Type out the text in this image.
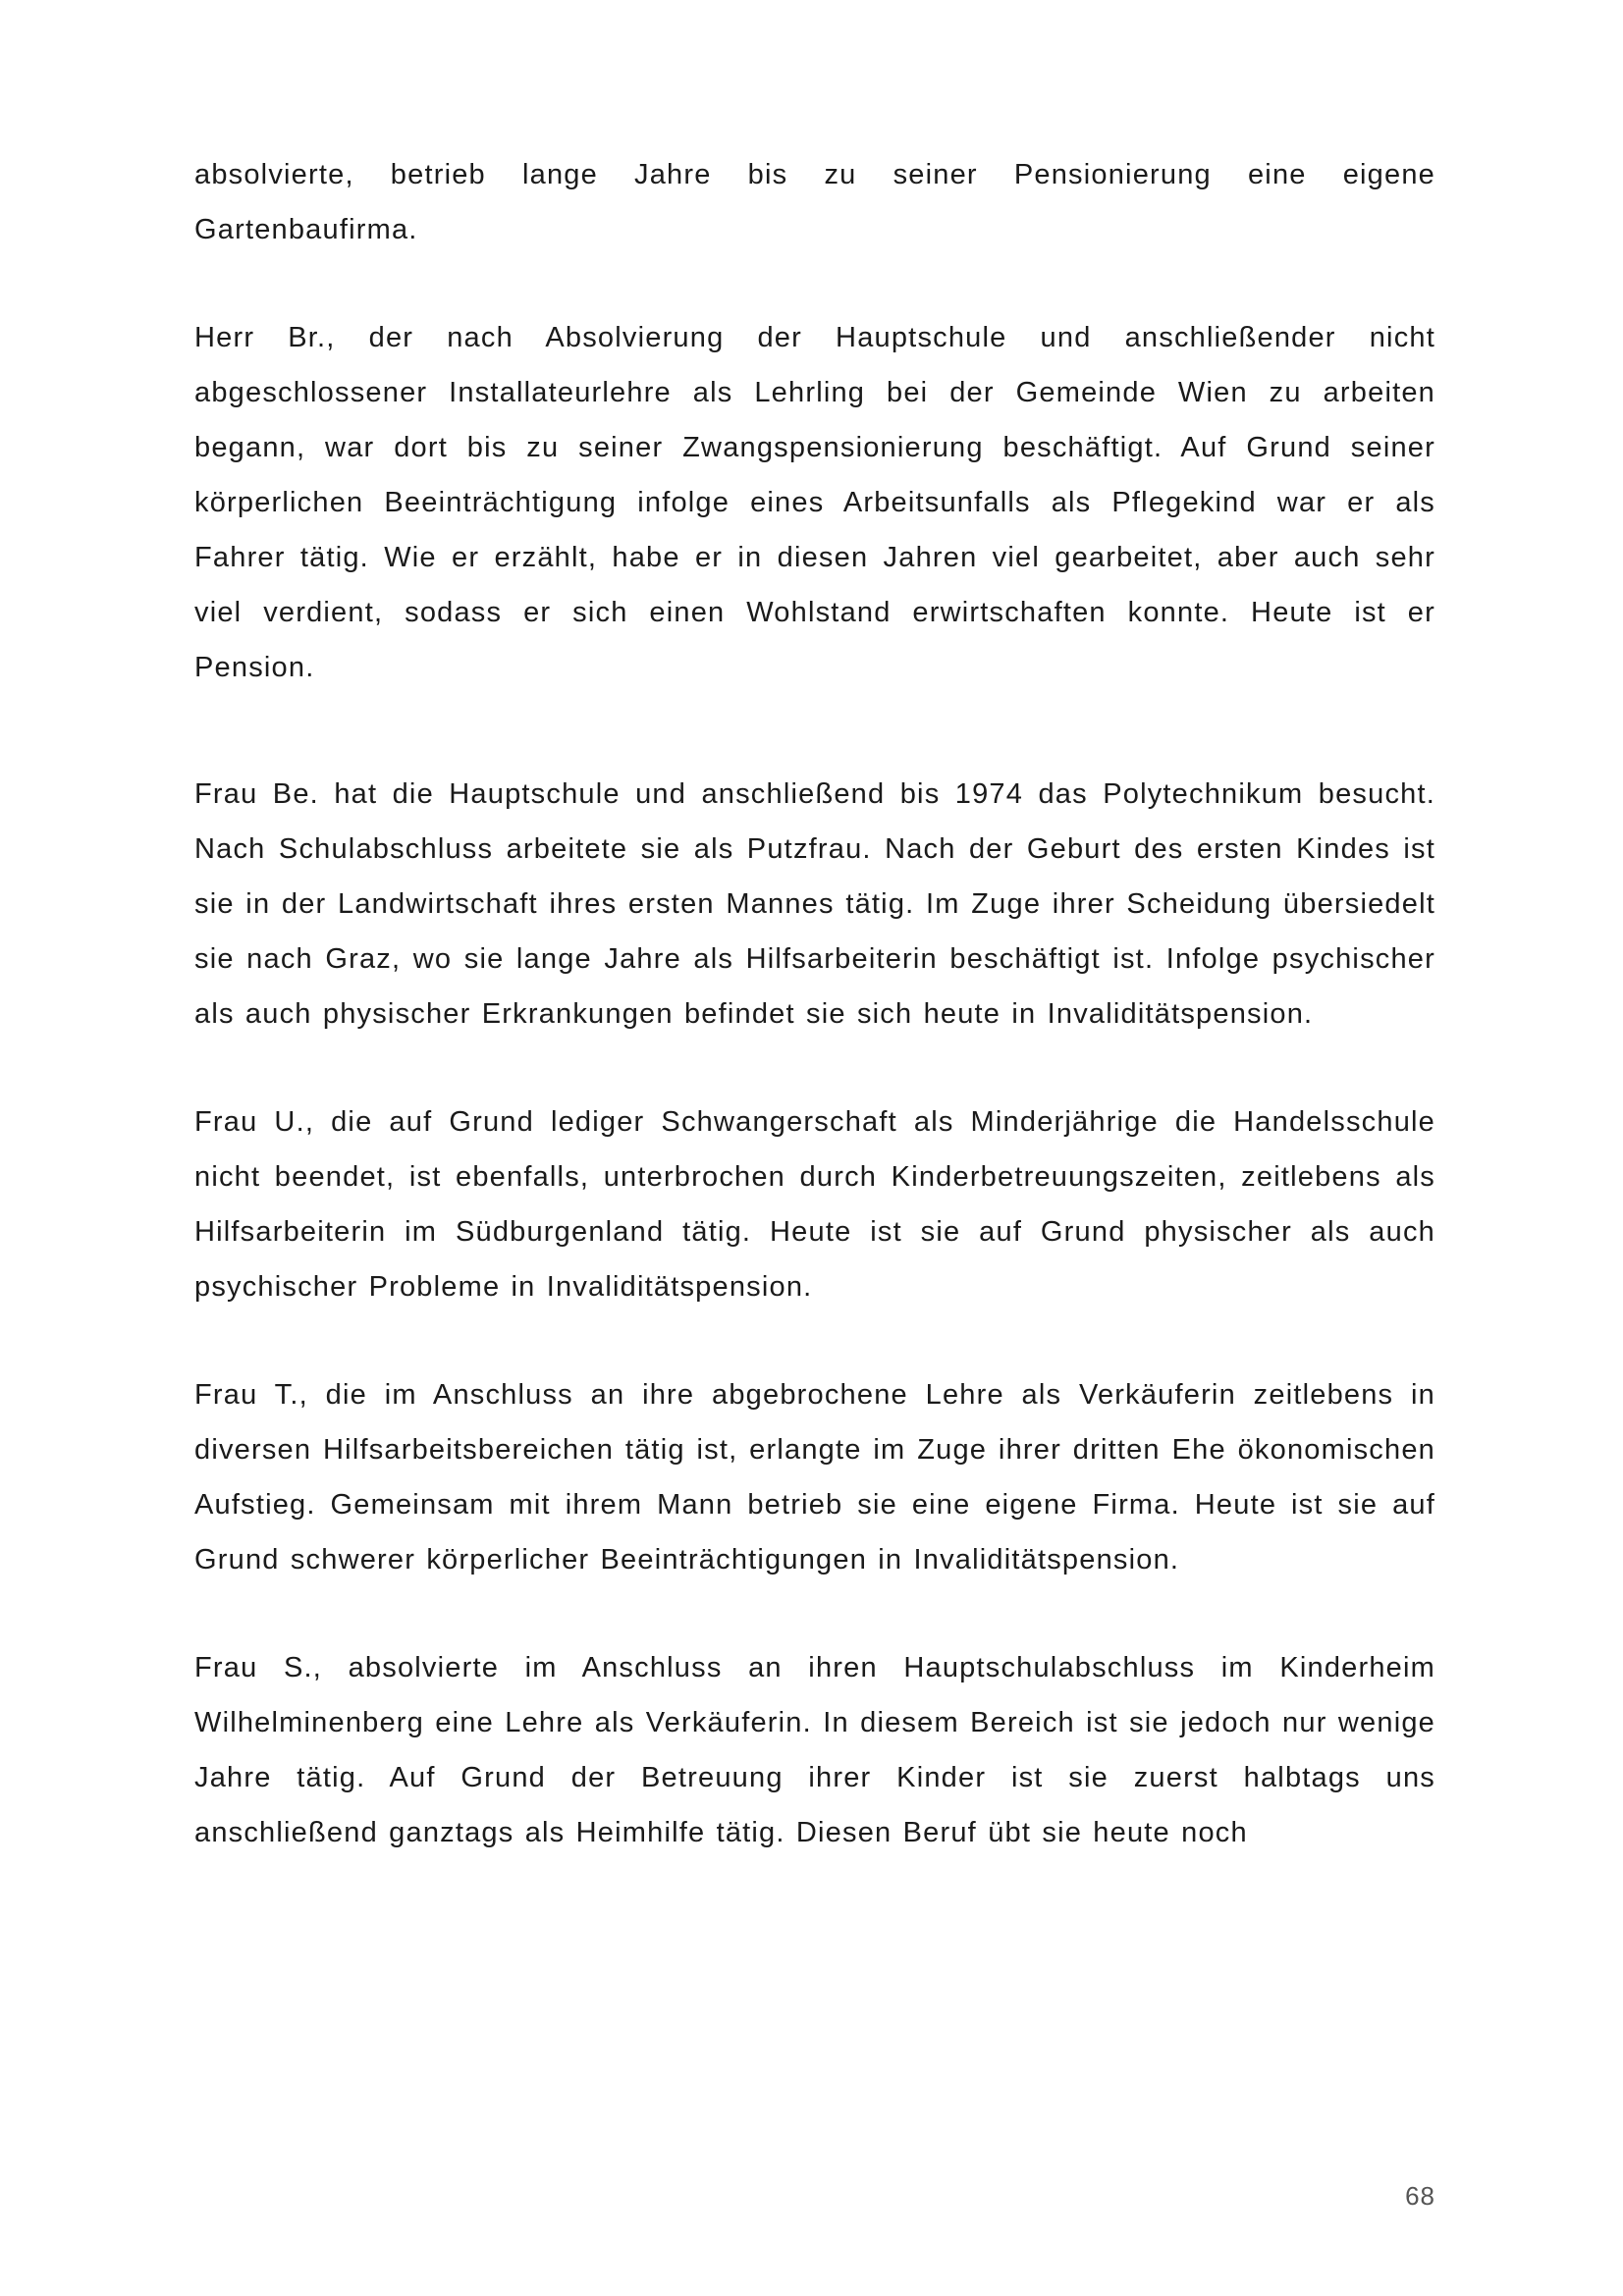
absolvierte, betrieb lange Jahre bis zu seiner Pensionierung eine eigene Gartenbaufirma.

Herr Br., der nach Absolvierung der Hauptschule und anschließender nicht abgeschlossener Installateurlehre als Lehrling bei der Gemeinde Wien zu arbeiten begann, war dort bis zu seiner Zwangspensionierung beschäftigt. Auf Grund seiner körperlichen Beeinträchtigung infolge eines Arbeitsunfalls als Pflegekind war er als Fahrer tätig. Wie er erzählt, habe er in diesen Jahren viel gearbeitet, aber auch sehr viel verdient, sodass er sich einen Wohlstand erwirtschaften konnte. Heute ist er Pension.

Frau Be. hat die Hauptschule und anschließend bis 1974 das Polytechnikum besucht. Nach Schulabschluss arbeitete sie als Putzfrau. Nach der Geburt des ersten Kindes ist sie in der Landwirtschaft ihres ersten Mannes tätig. Im Zuge ihrer Scheidung übersiedelt sie nach Graz, wo sie lange Jahre als Hilfsarbeiterin beschäftigt ist. Infolge psychischer als auch physischer Erkrankungen befindet sie sich heute in Invaliditätspension.

Frau U., die auf Grund lediger Schwangerschaft als Minderjährige die Handelsschule nicht beendet, ist ebenfalls, unterbrochen durch Kinderbetreuungszeiten, zeitlebens als Hilfsarbeiterin im Südburgenland tätig. Heute ist sie auf Grund physischer als auch psychischer Probleme in Invaliditätspension.

Frau T., die im Anschluss an ihre abgebrochene Lehre als Verkäuferin zeitlebens in diversen Hilfsarbeitsbereichen tätig ist, erlangte im Zuge ihrer dritten Ehe ökonomischen Aufstieg. Gemeinsam mit ihrem Mann betrieb sie eine eigene Firma. Heute ist sie auf Grund schwerer körperlicher Beeinträchtigungen in Invaliditätspension.

Frau S., absolvierte im Anschluss an ihren Hauptschulabschluss im Kinderheim Wilhelminenberg eine Lehre als Verkäuferin. In diesem Bereich ist sie jedoch nur wenige Jahre tätig. Auf Grund der Betreuung ihrer Kinder ist sie zuerst halbtags uns anschließend ganztags als Heimhilfe tätig. Diesen Beruf übt sie heute noch

68
